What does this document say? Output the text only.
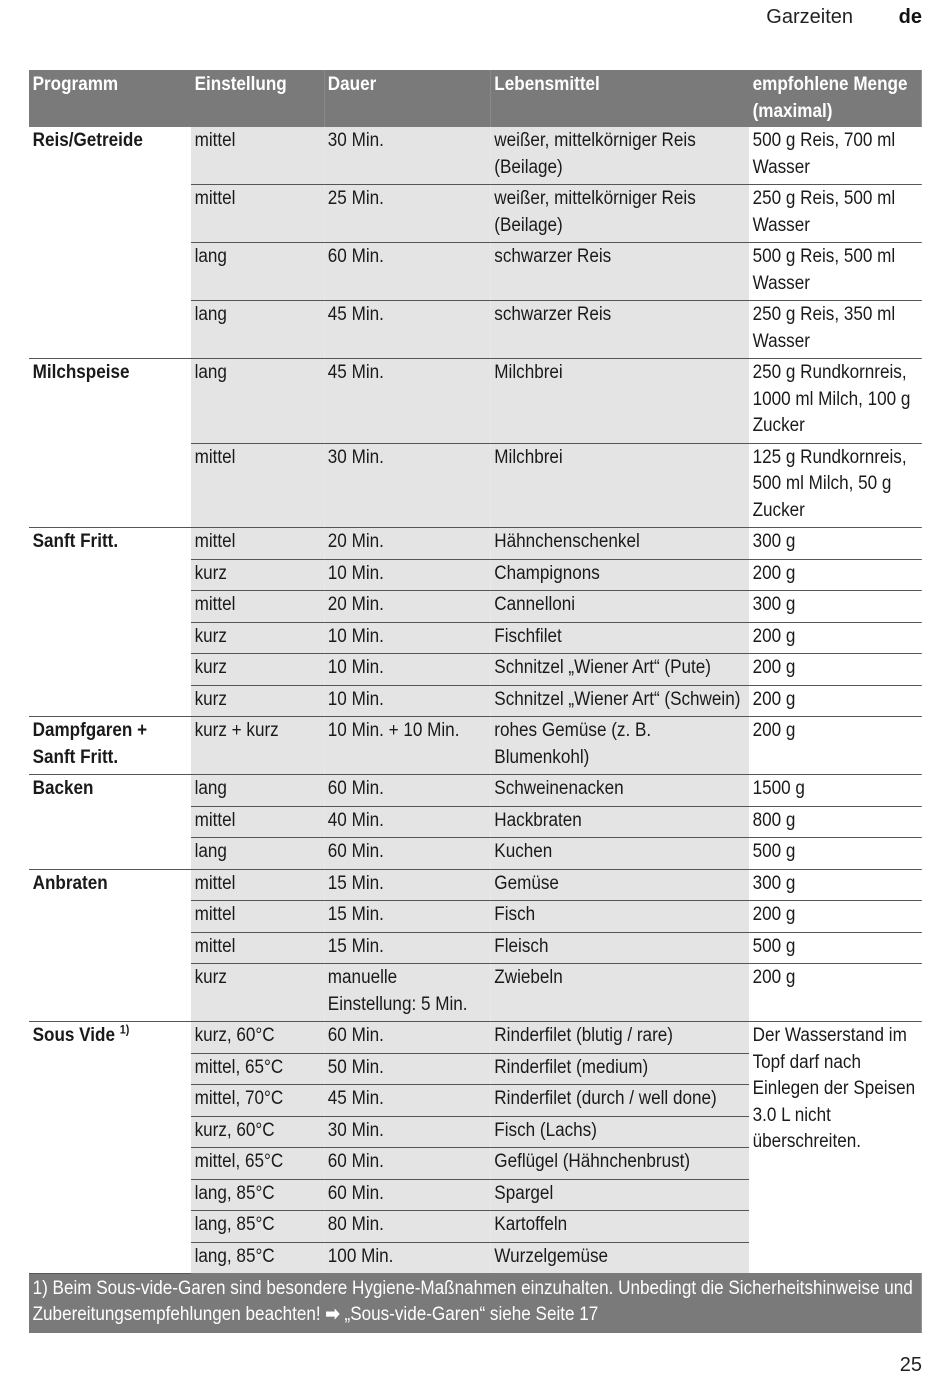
Garzeiten de
Programm	Einstellung	Dauer	Lebensmittel	empfohlene Menge (maximal)
Reis/Getreide	mittel	30 Min.	weißer, mittelkörniger Reis (Beilage)	500 g Reis, 700 ml Wasser
	mittel	25 Min.	weißer, mittelkörniger Reis (Beilage)	250 g Reis, 500 ml Wasser
	lang	60 Min.	schwarzer Reis	500 g Reis, 500 ml Wasser
	lang	45 Min.	schwarzer Reis	250 g Reis, 350 ml Wasser
Milchspeise	lang	45 Min.	Milchbrei	250 g Rundkornreis, 1000 ml Milch, 100 g Zucker
	mittel	30 Min.	Milchbrei	125 g Rundkornreis, 500 ml Milch, 50 g Zucker
Sanft Fritt.	mittel	20 Min.	Hähnchenschenkel	300 g
	kurz	10 Min.	Champignons	200 g
	mittel	20 Min.	Cannelloni	300 g
	kurz	10 Min.	Fischfilet	200 g
	kurz	10 Min.	Schnitzel „Wiener Art“ (Pute)	200 g
	kurz	10 Min.	Schnitzel „Wiener Art“ (Schwein)	200 g
Dampfgaren + Sanft Fritt.	kurz + kurz	10 Min. + 10 Min.	rohes Gemüse (z. B. Blumenkohl)	200 g
Backen	lang	60 Min.	Schweinenacken	1500 g
	mittel	40 Min.	Hackbraten	800 g
	lang	60 Min.	Kuchen	500 g
Anbraten	mittel	15 Min.	Gemüse	300 g
	mittel	15 Min.	Fisch	200 g
	mittel	15 Min.	Fleisch	500 g
	kurz	manuelle Einstellung: 5 Min.	Zwiebeln	200 g
Sous Vide $^{1)}$	kurz, 60°C	60 Min.	Rinderfilet (blutig / rare)	Der Wasserstand im Topf darf nach Einlegen der Speisen 3.0 L nicht überschreiten.
	mittel, 65°C	50 Min.	Rinderfilet (medium)	
	mittel, 70°C	45 Min.	Rinderfilet (durch / well done)	
	kurz, 60°C	30 Min.	Fisch (Lachs)	
	mittel, 65°C	60 Min.	Geflügel (Hähnchenbrust)	
	lang, 85°C	60 Min.	Spargel	
	lang, 85°C	80 Min.	Kartoffeln	
	lang, 85°C	100 Min.	Wurzelgemüse	
1) Beim Sous-vide-Garen sind besondere Hygiene-Maßnahmen einzuhalten. Unbedingt die Sicherheitshinweise und Zubereitungsempfehlungen beachten! ➡ „Sous-vide-Garen“ siehe Seite 17				
25
